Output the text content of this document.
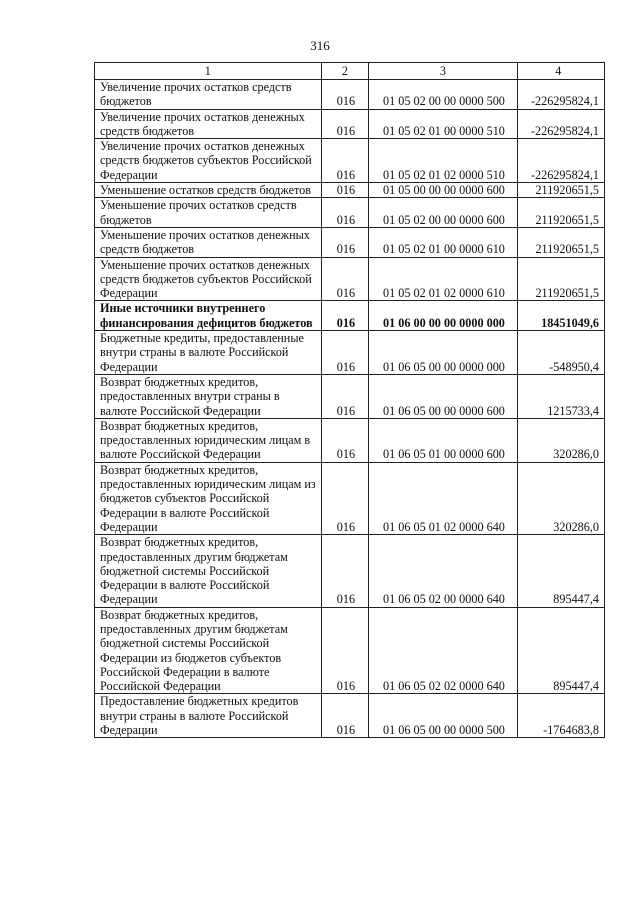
316
1	2	3	4
Увеличение прочих остатков средств бюджетов	016	01 05 02 00 00 0000 500	-226295824,1
Увеличение прочих остатков денежных средств бюджетов	016	01 05 02 01 00 0000 510	-226295824,1
Увеличение прочих остатков денежных средств бюджетов субъектов Российской Федерации	016	01 05 02 01 02 0000 510	-226295824,1
Уменьшение остатков средств бюджетов	016	01 05 00 00 00 0000 600	211920651,5
Уменьшение прочих остатков средств бюджетов	016	01 05 02 00 00 0000 600	211920651,5
Уменьшение прочих остатков денежных средств бюджетов	016	01 05 02 01 00 0000 610	211920651,5
Уменьшение прочих остатков денежных средств бюджетов субъектов Российской Федерации	016	01 05 02 01 02 0000 610	211920651,5
Иные источники внутреннего финансирования дефицитов бюджетов	016	01 06 00 00 00 0000 000	18451049,6
Бюджетные кредиты, предоставленные внутри страны в валюте Российской Федерации	016	01 06 05 00 00 0000 000	-548950,4
Возврат бюджетных кредитов, предоставленных внутри страны в валюте Российской Федерации	016	01 06 05 00 00 0000 600	1215733,4
Возврат бюджетных кредитов, предоставленных юридическим лицам в валюте Российской Федерации	016	01 06 05 01 00 0000 600	320286,0
Возврат бюджетных кредитов, предоставленных юридическим лицам из бюджетов субъектов Российской Федерации в валюте Российской Федерации	016	01 06 05 01 02 0000 640	320286,0
Возврат бюджетных кредитов, предоставленных другим бюджетам бюджетной системы Российской Федерации в валюте Российской Федерации	016	01 06 05 02 00 0000 640	895447,4
Возврат бюджетных кредитов, предоставленных другим бюджетам бюджетной системы Российской Федерации из бюджетов субъектов Российской Федерации в валюте Российской Федерации	016	01 06 05 02 02 0000 640	895447,4
Предоставление бюджетных кредитов внутри страны в валюте Российской Федерации	016	01 06 05 00 00 0000 500	-1764683,8
